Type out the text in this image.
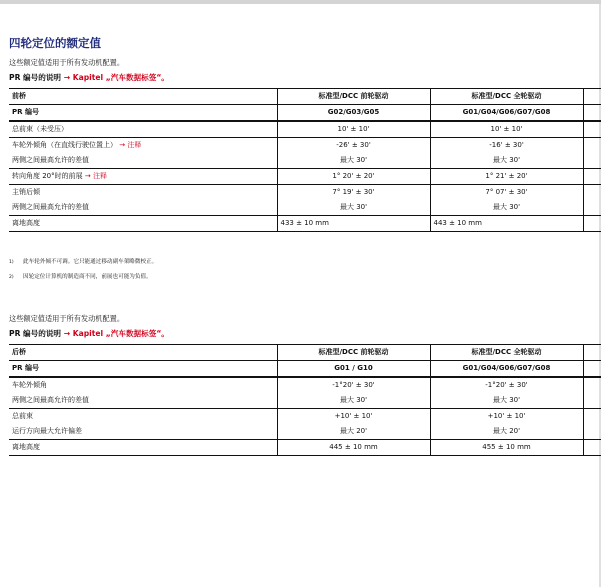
四轮定位的额定值

这些额定值适用于所有发动机配置。

PR 编号的说明 → Kapitel „汽车数据标签“。

前桥	标准型/DCC 前轮驱动	标准型/DCC 全轮驱动	
PR 编号	G02/G03/G05	G01/G04/G06/G07/G08	
总前束（未受压）	10' ± 10'	10' ± 10'	
车轮外倾角（在直线行驶位置上） → 注释	-26' ± 30'	-16' ± 30'	
两侧之间最高允许的差值	最大 30'	最大 30'	
转向角度 20°时的前展 → 注释	1° 20' ± 20'	1° 21' ± 20'	
主销后倾	7° 19' ± 30'	7° 07' ± 30'	
两侧之间最高允许的差值	最大 30'	最大 30'	
离地高度	433 ± 10 mm	443 ± 10 mm	

$^{1)}$ 此车轮外倾不可调。它只能通过移动副车架略微校正。

$^{2)}$ 因轮定位计算机的制造商不同，前展也可能为负值。

这些额定值适用于所有发动机配置。

PR 编号的说明 → Kapitel „汽车数据标签“。

后桥	标准型/DCC 前轮驱动	标准型/DCC 全轮驱动	
PR 编号	G01 / G10	G01/G04/G06/G07/G08	
车轮外倾角	-1°20' ± 30'	-1°20' ± 30'	
两侧之间最高允许的差值	最大 30'	最大 30'	
总前束	+10' ± 10'	+10' ± 10'	
运行方向最大允许偏差	最大 20'	最大 20'	
离地高度	445 ± 10 mm	455 ± 10 mm	
